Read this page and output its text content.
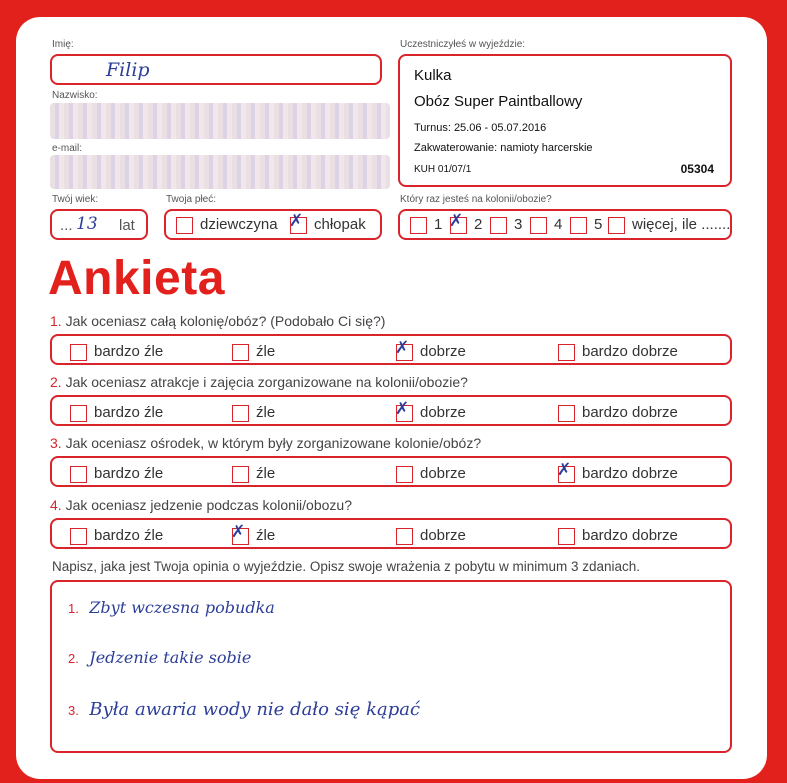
Imię:
Filip
Nazwisko:
e-mail:
Twój wiek:
... 13 lat
Twoja płeć:
dziewczyna ✗ chłopak
Uczestniczyłeś w wyjeździe:
Kulka
Obóz Super Paintballowy
Turnus: 25.06 - 05.07.2016
Zakwaterowanie: namioty harcerskie
KUH 01/07/1	05304
Który raz jesteś na kolonii/obozie?
1 ✗ 2	3	4	5	więcej, ile .......
Ankieta
1. Jak oceniasz całą kolonię/obóz? (Podobało Ci się?)
bardzo źle	źle	✗ dobrze	bardzo dobrze
2. Jak oceniasz atrakcje i zajęcia zorganizowane na kolonii/obozie?
bardzo źle	źle	✗ dobrze	bardzo dobrze
3. Jak oceniasz ośrodek, w którym były zorganizowane kolonie/obóz?
bardzo źle	źle	dobrze	✗ bardzo dobrze
4. Jak oceniasz jedzenie podczas kolonii/obozu?
bardzo źle	✗ źle	dobrze	bardzo dobrze
Napisz, jaka jest Twoja opinia o wyjeździe. Opisz swoje wrażenia z pobytu w minimum 3 zdaniach.
1. Zbyt wczesna pobudka
2. Jedzenie takie sobie
3. Była awaria wody nie dało się kąpać
